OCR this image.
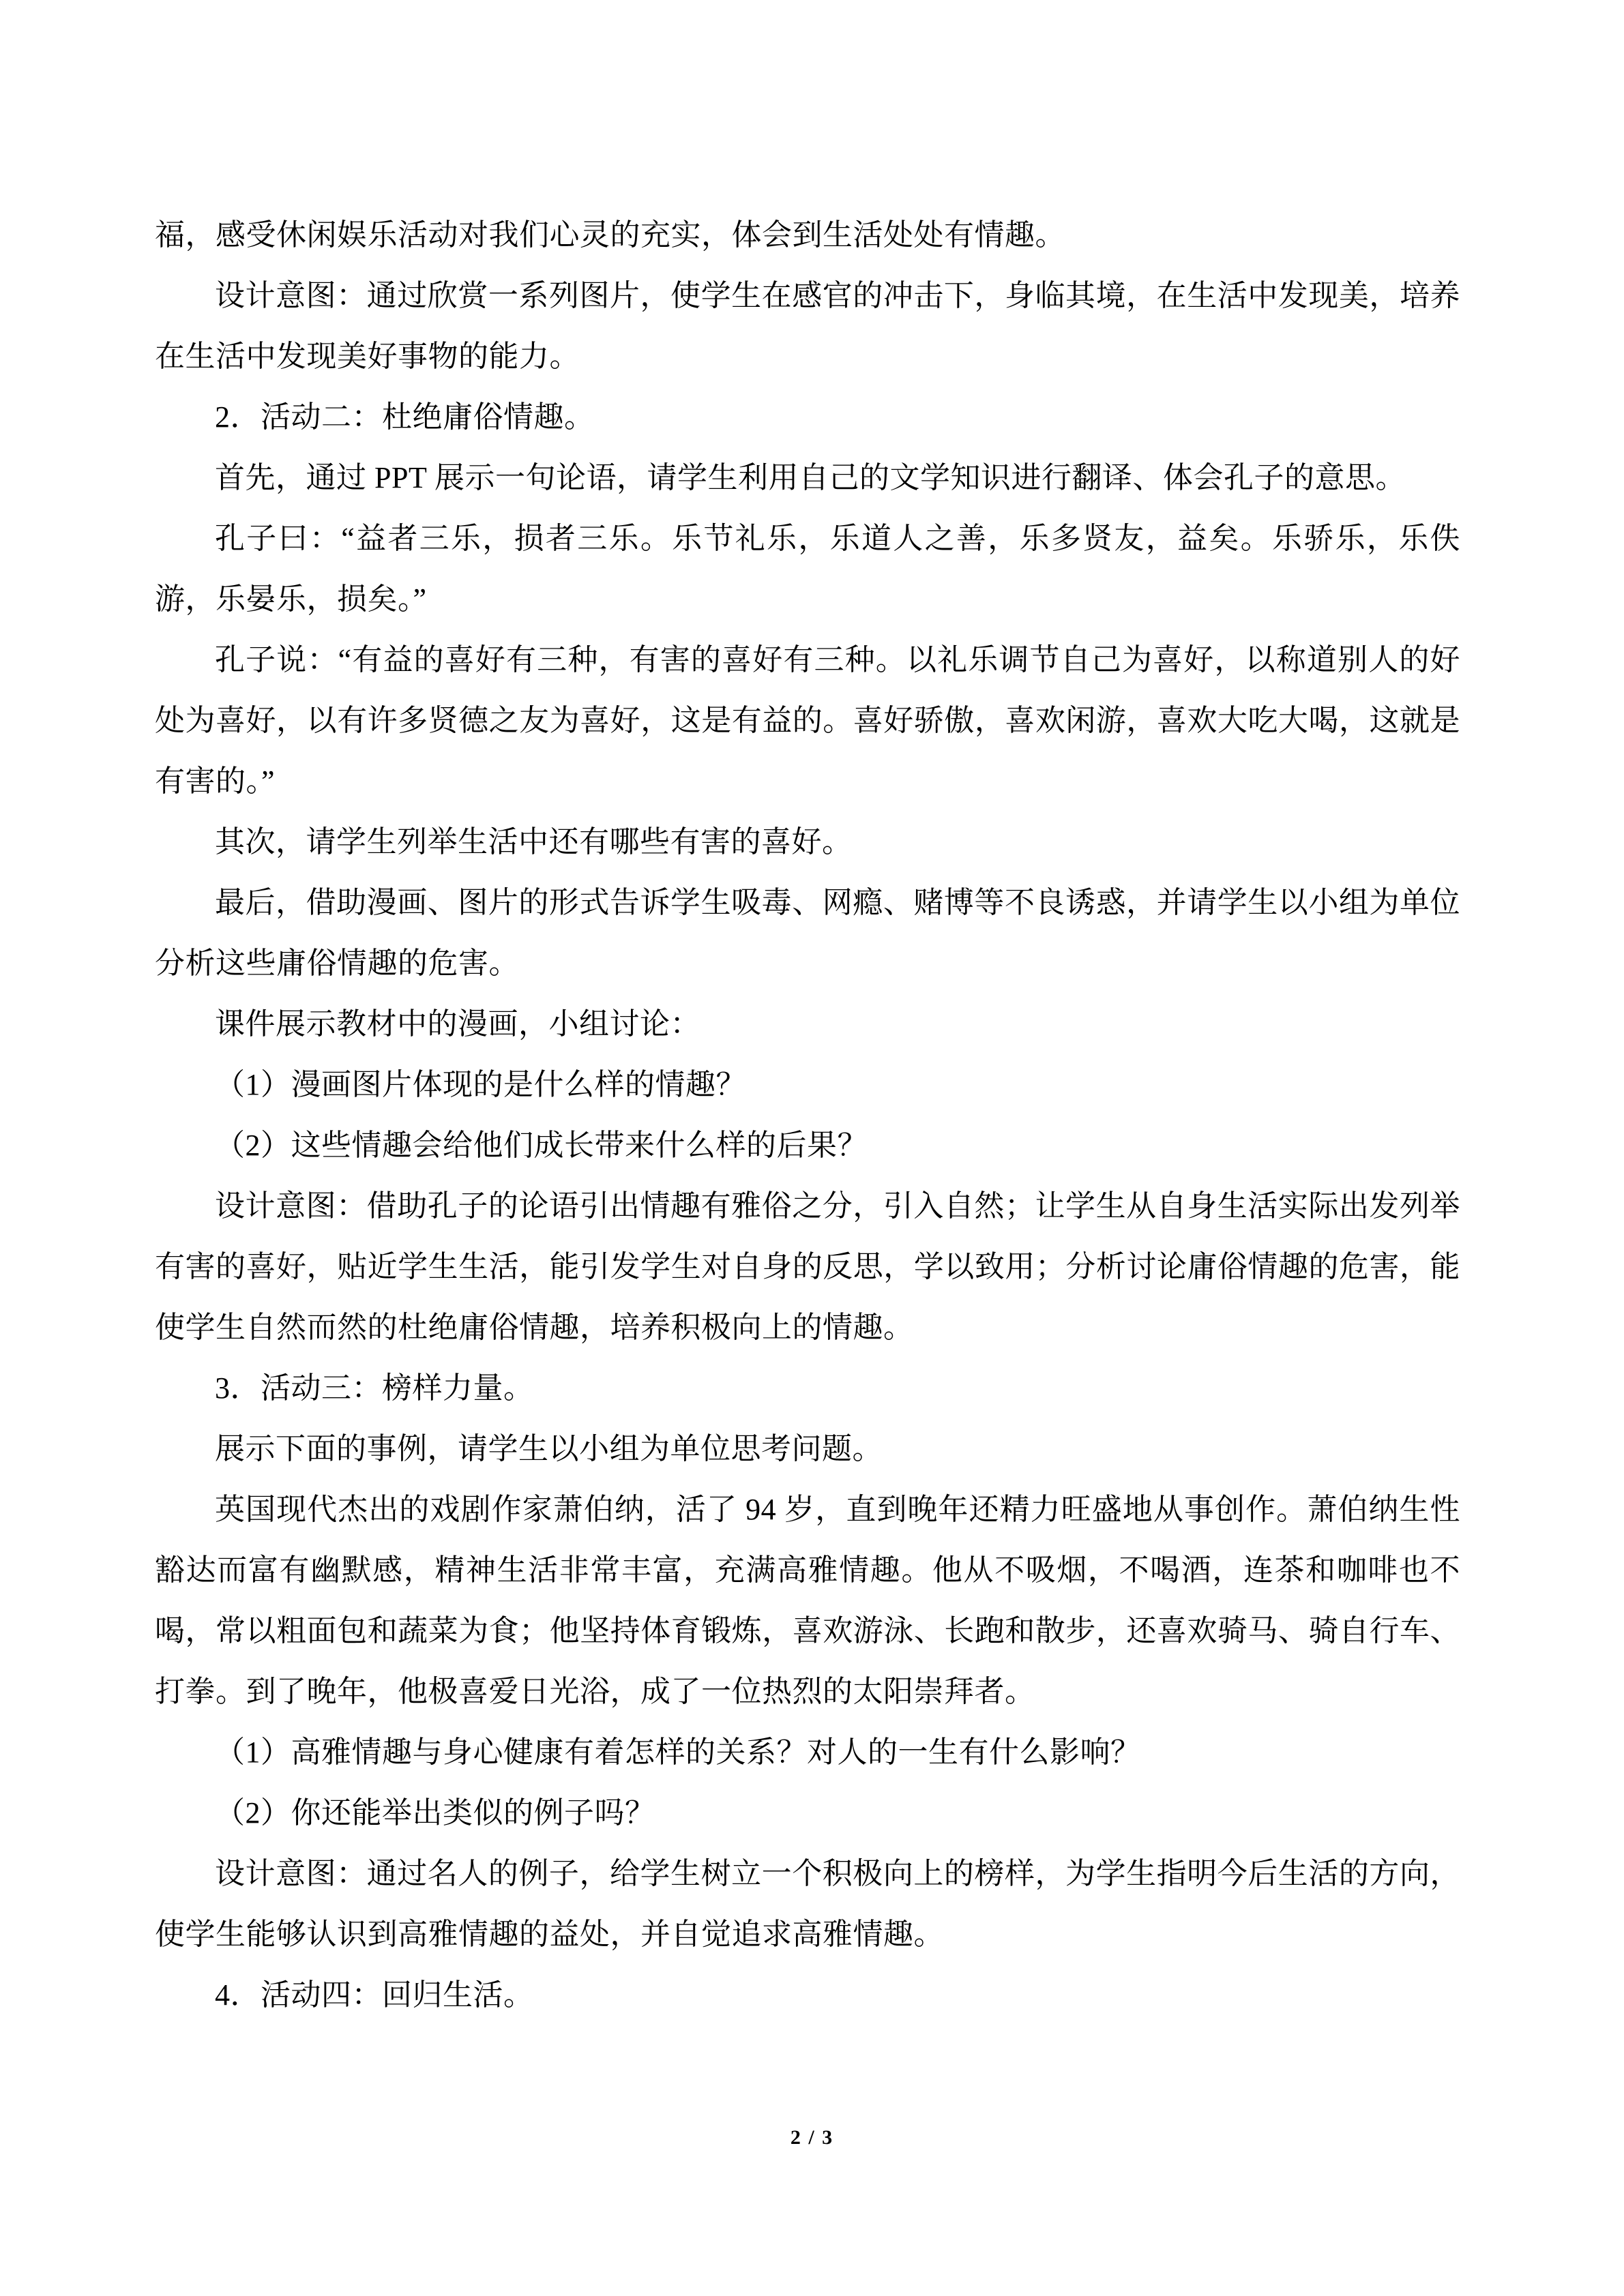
福，感受休闲娱乐活动对我们心灵的充实，体会到生活处处有情趣。
设计意图：通过欣赏一系列图片，使学生在感官的冲击下，身临其境，在生活中发现美，培养在生活中发现美好事物的能力。
2．活动二：杜绝庸俗情趣。
首先，通过 PPT 展示一句论语，请学生利用自己的文学知识进行翻译、体会孔子的意思。
孔子曰：“益者三乐，损者三乐。乐节礼乐，乐道人之善，乐多贤友，益矣。乐骄乐，乐佚游，乐晏乐，损矣。”
孔子说：“有益的喜好有三种，有害的喜好有三种。以礼乐调节自己为喜好，以称道别人的好处为喜好，以有许多贤德之友为喜好，这是有益的。喜好骄傲，喜欢闲游，喜欢大吃大喝，这就是有害的。”
其次，请学生列举生活中还有哪些有害的喜好。
最后，借助漫画、图片的形式告诉学生吸毒、网瘾、赌博等不良诱惑，并请学生以小组为单位分析这些庸俗情趣的危害。
课件展示教材中的漫画，小组讨论：
（1）漫画图片体现的是什么样的情趣？
（2）这些情趣会给他们成长带来什么样的后果？
设计意图：借助孔子的论语引出情趣有雅俗之分，引入自然；让学生从自身生活实际出发列举有害的喜好，贴近学生生活，能引发学生对自身的反思，学以致用；分析讨论庸俗情趣的危害，能使学生自然而然的杜绝庸俗情趣，培养积极向上的情趣。
3．活动三：榜样力量。
展示下面的事例，请学生以小组为单位思考问题。
英国现代杰出的戏剧作家萧伯纳，活了 94 岁，直到晚年还精力旺盛地从事创作。萧伯纳生性豁达而富有幽默感，精神生活非常丰富，充满高雅情趣。他从不吸烟，不喝酒，连茶和咖啡也不喝，常以粗面包和蔬菜为食；他坚持体育锻炼，喜欢游泳、长跑和散步，还喜欢骑马、骑自行车、打拳。到了晚年，他极喜爱日光浴，成了一位热烈的太阳崇拜者。
（1）高雅情趣与身心健康有着怎样的关系？对人的一生有什么影响？
（2）你还能举出类似的例子吗？
设计意图：通过名人的例子，给学生树立一个积极向上的榜样，为学生指明今后生活的方向，使学生能够认识到高雅情趣的益处，并自觉追求高雅情趣。
4．活动四：回归生活。
2 / 3
